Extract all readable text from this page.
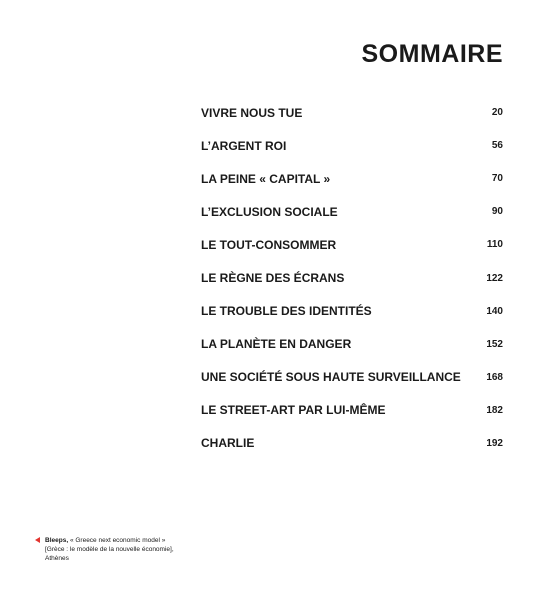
SOMMAIRE
VIVRE NOUS TUE	20
L’ARGENT ROI	56
LA PEINE « CAPITAL »	70
L’EXCLUSION SOCIALE	90
LE TOUT-CONSOMMER	110
LE RÈGNE DES ÉCRANS	122
LE TROUBLE DES IDENTITÉS	140
LA PLANÈTE EN DANGER	152
UNE SOCIÉTÉ SOUS HAUTE SURVEILLANCE	168
LE STREET-ART PAR LUI-MÊME	182
CHARLIE	192
Bleeps, « Greece next economic model »
[Grèce : le modèle de la nouvelle économie],
Athènes
